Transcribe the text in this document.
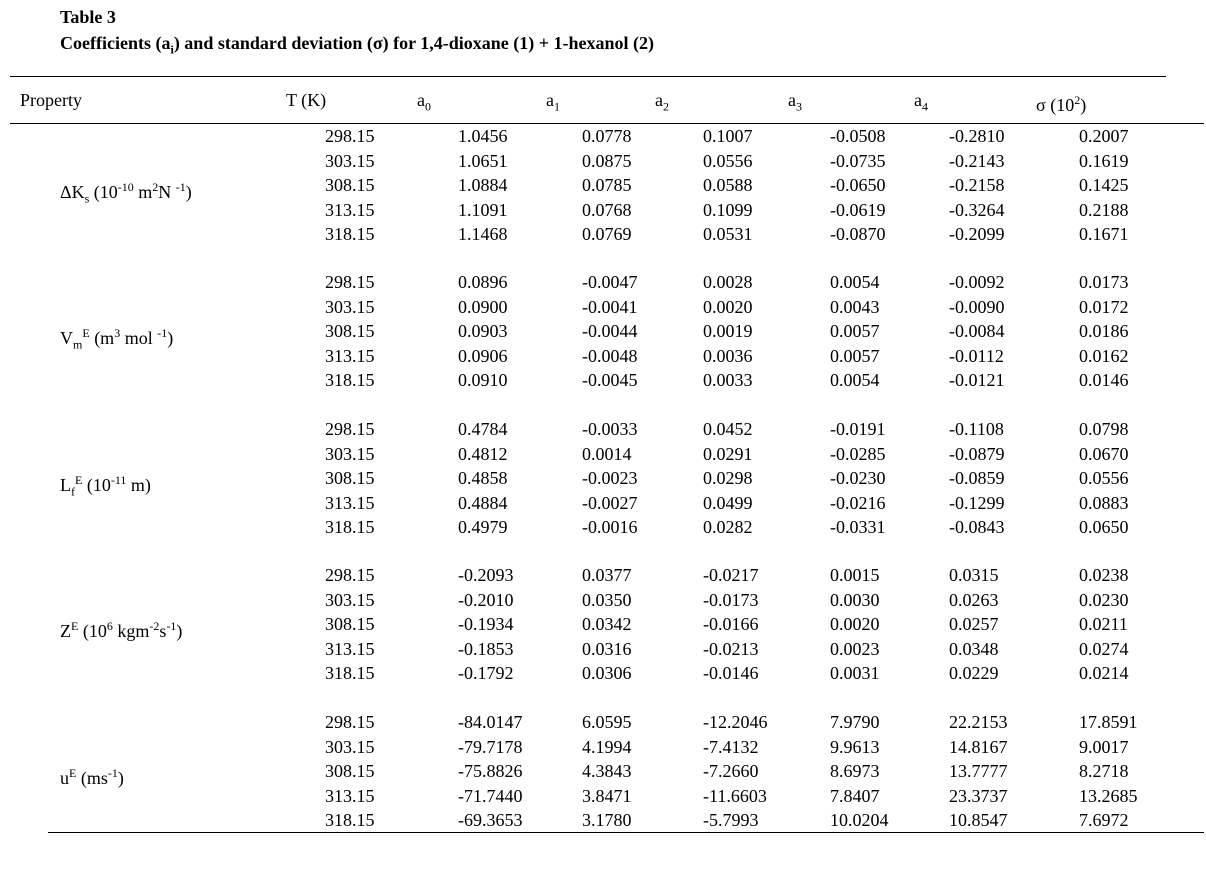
Table 3
Coefficients $(a_i)$ and standard deviation (σ) for 1,4-dioxane (1) + 1-hexanol (2)
Property	T (K)	$a_0$	$a_1$	$a_2$	$a_3$	$a_4$	σ $(10^2)$
$\Delta K_s$ ($10^{-10}$ $m^2N$ $^{-1}$)
298.15	1.0456	0.0778	0.1007	-0.0508	-0.2810	0.2007
303.15	1.0651	0.0875	0.0556	-0.0735	-0.2143	0.1619
308.15	1.0884	0.0785	0.0588	-0.0650	-0.2158	0.1425
313.15	1.1091	0.0768	0.1099	-0.0619	-0.3264	0.2188
318.15	1.1468	0.0769	0.0531	-0.0870	-0.2099	0.1671
$V_m^E$ ($m^3$ mol $^{-1}$)
298.15	0.0896	-0.0047	0.0028	0.0054	-0.0092	0.0173
303.15	0.0900	-0.0041	0.0020	0.0043	-0.0090	0.0172
308.15	0.0903	-0.0044	0.0019	0.0057	-0.0084	0.0186
313.15	0.0906	-0.0048	0.0036	0.0057	-0.0112	0.0162
318.15	0.0910	-0.0045	0.0033	0.0054	-0.0121	0.0146
$L_f^E$ ($10^{-11}$ m)
298.15	0.4784	-0.0033	0.0452	-0.0191	-0.1108	0.0798
303.15	0.4812	0.0014	0.0291	-0.0285	-0.0879	0.0670
308.15	0.4858	-0.0023	0.0298	-0.0230	-0.0859	0.0556
313.15	0.4884	-0.0027	0.0499	-0.0216	-0.1299	0.0883
318.15	0.4979	-0.0016	0.0282	-0.0331	-0.0843	0.0650
$Z^E$ ($10^6$ $kgm^{-2}s^{-1}$)
298.15	-0.2093	0.0377	-0.0217	0.0015	0.0315	0.0238
303.15	-0.2010	0.0350	-0.0173	0.0030	0.0263	0.0230
308.15	-0.1934	0.0342	-0.0166	0.0020	0.0257	0.0211
313.15	-0.1853	0.0316	-0.0213	0.0023	0.0348	0.0274
318.15	-0.1792	0.0306	-0.0146	0.0031	0.0229	0.0214
$u^E$ $(ms^{-1})$
298.15	-84.0147	6.0595	-12.2046	7.9790	22.2153	17.8591
303.15	-79.7178	4.1994	-7.4132	9.9613	14.8167	9.0017
308.15	-75.8826	4.3843	-7.2660	8.6973	13.7777	8.2718
313.15	-71.7440	3.8471	-11.6603	7.8407	23.3737	13.2685
318.15	-69.3653	3.1780	-5.7993	10.0204	10.8547	7.6972
